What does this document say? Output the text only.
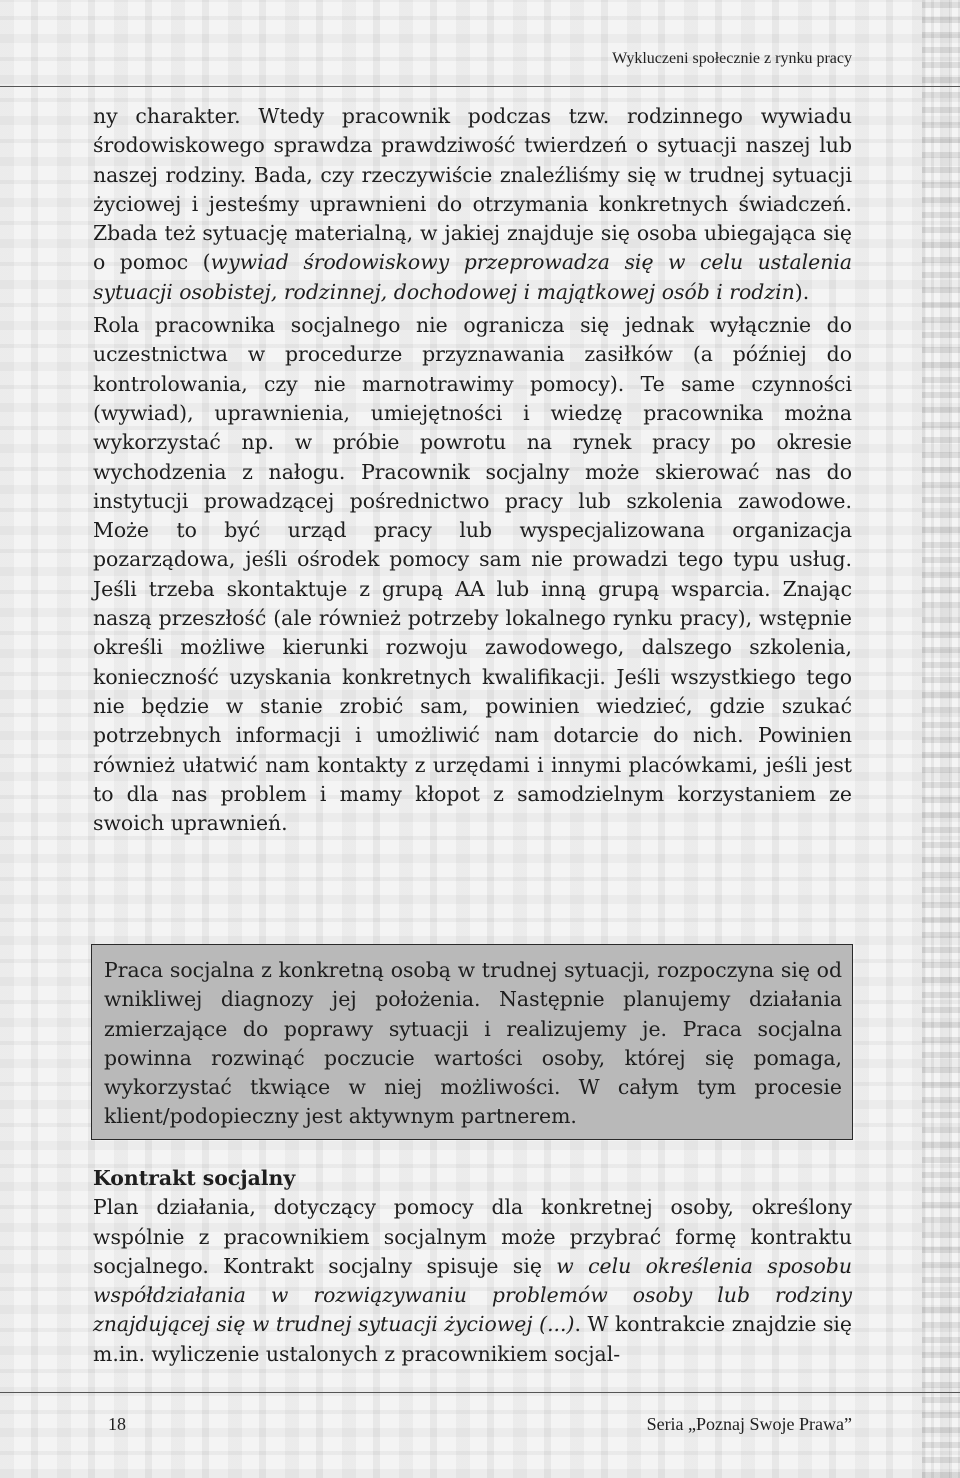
Wykluczeni społecznie z rynku pracy

ny charakter. Wtedy pracownik podczas tzw. rodzinnego wywiadu środowiskowego sprawdza prawdziwość twierdzeń o sytuacji naszej lub naszej rodziny. Bada, czy rzeczywiście znaleźliśmy się w trudnej sytuacji życiowej i jesteśmy uprawnieni do otrzymania konkretnych świadczeń. Zbada też sytuację materialną, w jakiej znajduje się osoba ubiegająca się o pomoc (wywiad środowiskowy przeprowadza się w celu ustalenia sytuacji osobistej, rodzinnej, dochodowej i majątkowej osób i rodzin).

Rola pracownika socjalnego nie ogranicza się jednak wyłącznie do uczestnictwa w procedurze przyznawania zasiłków (a później do kontrolowania, czy nie marnotrawimy pomocy). Te same czynności (wywiad), uprawnienia, umiejętności i wiedzę pracownika można wykorzystać np. w próbie powrotu na rynek pracy po okresie wychodzenia z nałogu. Pracownik socjalny może skierować nas do instytucji prowadzącej pośrednictwo pracy lub szkolenia zawodowe. Może to być urząd pracy lub wyspecjalizowana organizacja pozarządowa, jeśli ośrodek pomocy sam nie prowadzi tego typu usług. Jeśli trzeba skontaktuje z grupą AA lub inną grupą wsparcia. Znając naszą przeszłość (ale również potrzeby lokalnego rynku pracy), wstępnie określi możliwe kierunki rozwoju zawodowego, dalszego szkolenia, konieczność uzyskania konkretnych kwalifikacji. Jeśli wszystkiego tego nie będzie w stanie zrobić sam, powinien wiedzieć, gdzie szukać potrzebnych informacji i umożliwić nam dotarcie do nich. Powinien również ułatwić nam kontakty z urzędami i innymi placówkami, jeśli jest to dla nas problem i mamy kłopot z samodzielnym korzystaniem ze swoich uprawnień.

Praca socjalna z konkretną osobą w trudnej sytuacji, rozpoczyna się od wnikliwej diagnozy jej położenia. Następnie planujemy działania zmierzające do poprawy sytuacji i realizujemy je. Praca socjalna powinna rozwinąć poczucie wartości osoby, której się pomaga, wykorzystać tkwiące w niej możliwości. W całym tym procesie klient/podopieczny jest aktywnym partnerem.
Kontrakt socjalny

Plan działania, dotyczący pomocy dla konkretnej osoby, określony wspólnie z pracownikiem socjalnym może przybrać formę kontraktu socjalnego. Kontrakt socjalny spisuje się w celu określenia sposobu współdziałania w rozwiązywaniu problemów osoby lub rodziny znajdującej się w trudnej sytuacji życiowej (...). W kontrakcie znajdzie się m.in. wyliczenie ustalonych z pracownikiem socjal-

18	Seria „Poznaj Swoje Prawa”
